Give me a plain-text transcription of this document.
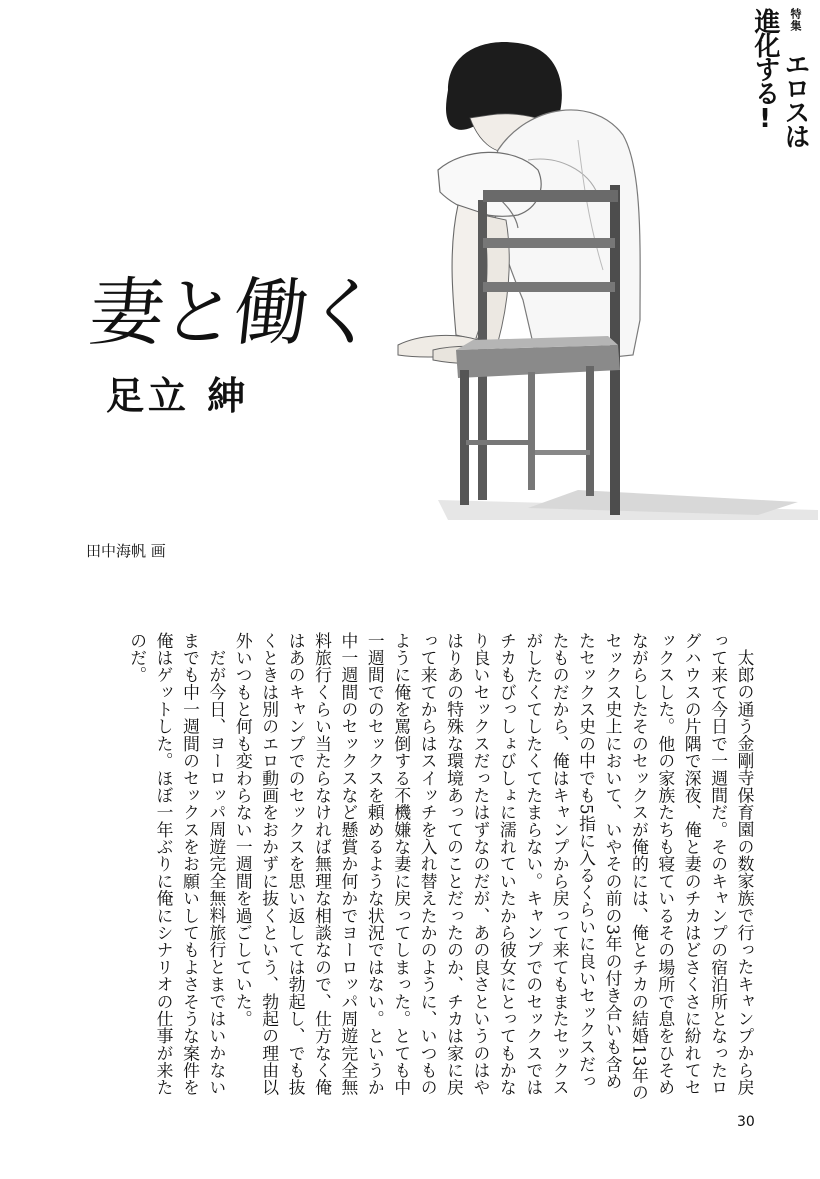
特集 エロスは進化する!
妻と働く
足立 紳
田中海帆 画

太郎の通う金剛寺保育園の数家族で行ったキャンプから戻って来て今日で一週間だ。そのキャンプの宿泊所となったログハウスの片隅で深夜、俺と妻のチカはどさくさに紛れてセックスした。他の家族たちも寝ているその場所で息をひそめながらしたそのセックスが俺的には、俺とチカの結婚13年のセックス史上において、いやその前の3年の付き合いも含めたセックス史の中でも5指に入るくらいに良いセックスだったものだから、俺はキャンプから戻って来てもまたセックスがしたくてしたくてたまらない。キャンプでのセックスではチカもびっしょびしょに濡れていたから彼女にとってもかなり良いセックスだったはずなのだが、あの良さというのはやはりあの特殊な環境あってのことだったのか、チカは家に戻って来てからはスイッチを入れ替えたかのように、いつものように俺を罵倒する不機嫌な妻に戻ってしまった。とても中一週間でのセックスを頼めるような状況ではない。というか中一週間のセックスなど懸賞か何かでヨーロッパ周遊完全無料旅行くらい当たらなければ無理な相談なので、仕方なく俺はあのキャンプでのセックスを思い返しては勃起し、でも抜くときは別のエロ動画をおかずに抜くという、勃起の理由以外いつもと何も変わらない一週間を過ごしていた。

だが今日、ヨーロッパ周遊完全無料旅行とまではいかないまでも中一週間のセックスをお願いしてもよさそうな案件を俺はゲットした。ほぼ一年ぶりに俺にシナリオの仕事が来たのだ。

30
